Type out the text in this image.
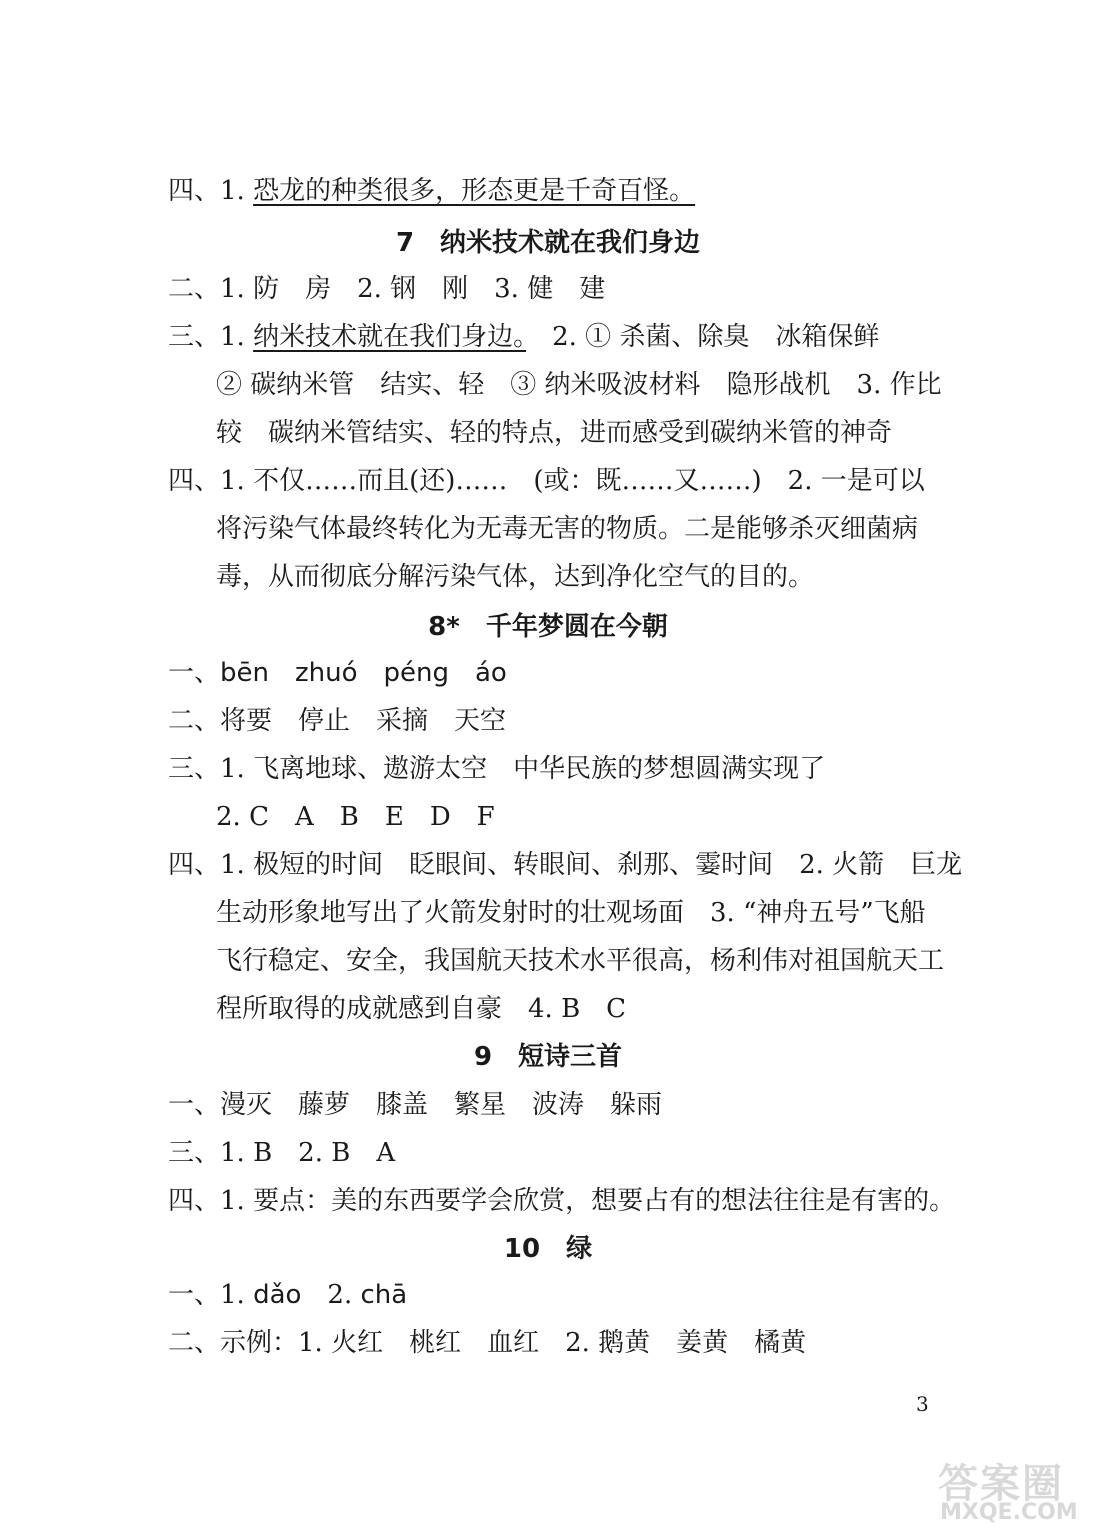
四、1. 恐龙的种类很多，形态更是千奇百怪。
7　纳米技术就在我们身边
二、1. 防　房　2. 钢　刚　3. 健　建
三、1. 纳米技术就在我们身边。　2. ① 杀菌、除臭　冰箱保鲜
② 碳纳米管　结实、轻　③ 纳米吸波材料　隐形战机　3. 作比
较　碳纳米管结实、轻的特点，进而感受到碳纳米管的神奇
四、1. 不仅……而且(还)……　(或：既……又……)　2. 一是可以
将污染气体最终转化为无毒无害的物质。二是能够杀灭细菌病
毒，从而彻底分解污染气体，达到净化空气的目的。
8*　千年梦圆在今朝
一、bēn　zhuó　péng　áo
二、将要　停止　采摘　天空
三、1. 飞离地球、遨游太空　中华民族的梦想圆满实现了
2. C　A　B　E　D　F
四、1. 极短的时间　眨眼间、转眼间、刹那、霎时间　2. 火箭　巨龙
生动形象地写出了火箭发射时的壮观场面　3. “神舟五号”飞船
飞行稳定、安全，我国航天技术水平很高，杨利伟对祖国航天工
程所取得的成就感到自豪　4. B　C
9　短诗三首
一、漫灭　藤萝　膝盖　繁星　波涛　躲雨
三、1. B　2. B　A
四、1. 要点：美的东西要学会欣赏，想要占有的想法往往是有害的。
10　绿
一、1. dǎo　2. chā
二、示例：1. 火红　桃红　血红　2. 鹅黄　姜黄　橘黄
3
答案圈
MXQE.COM
